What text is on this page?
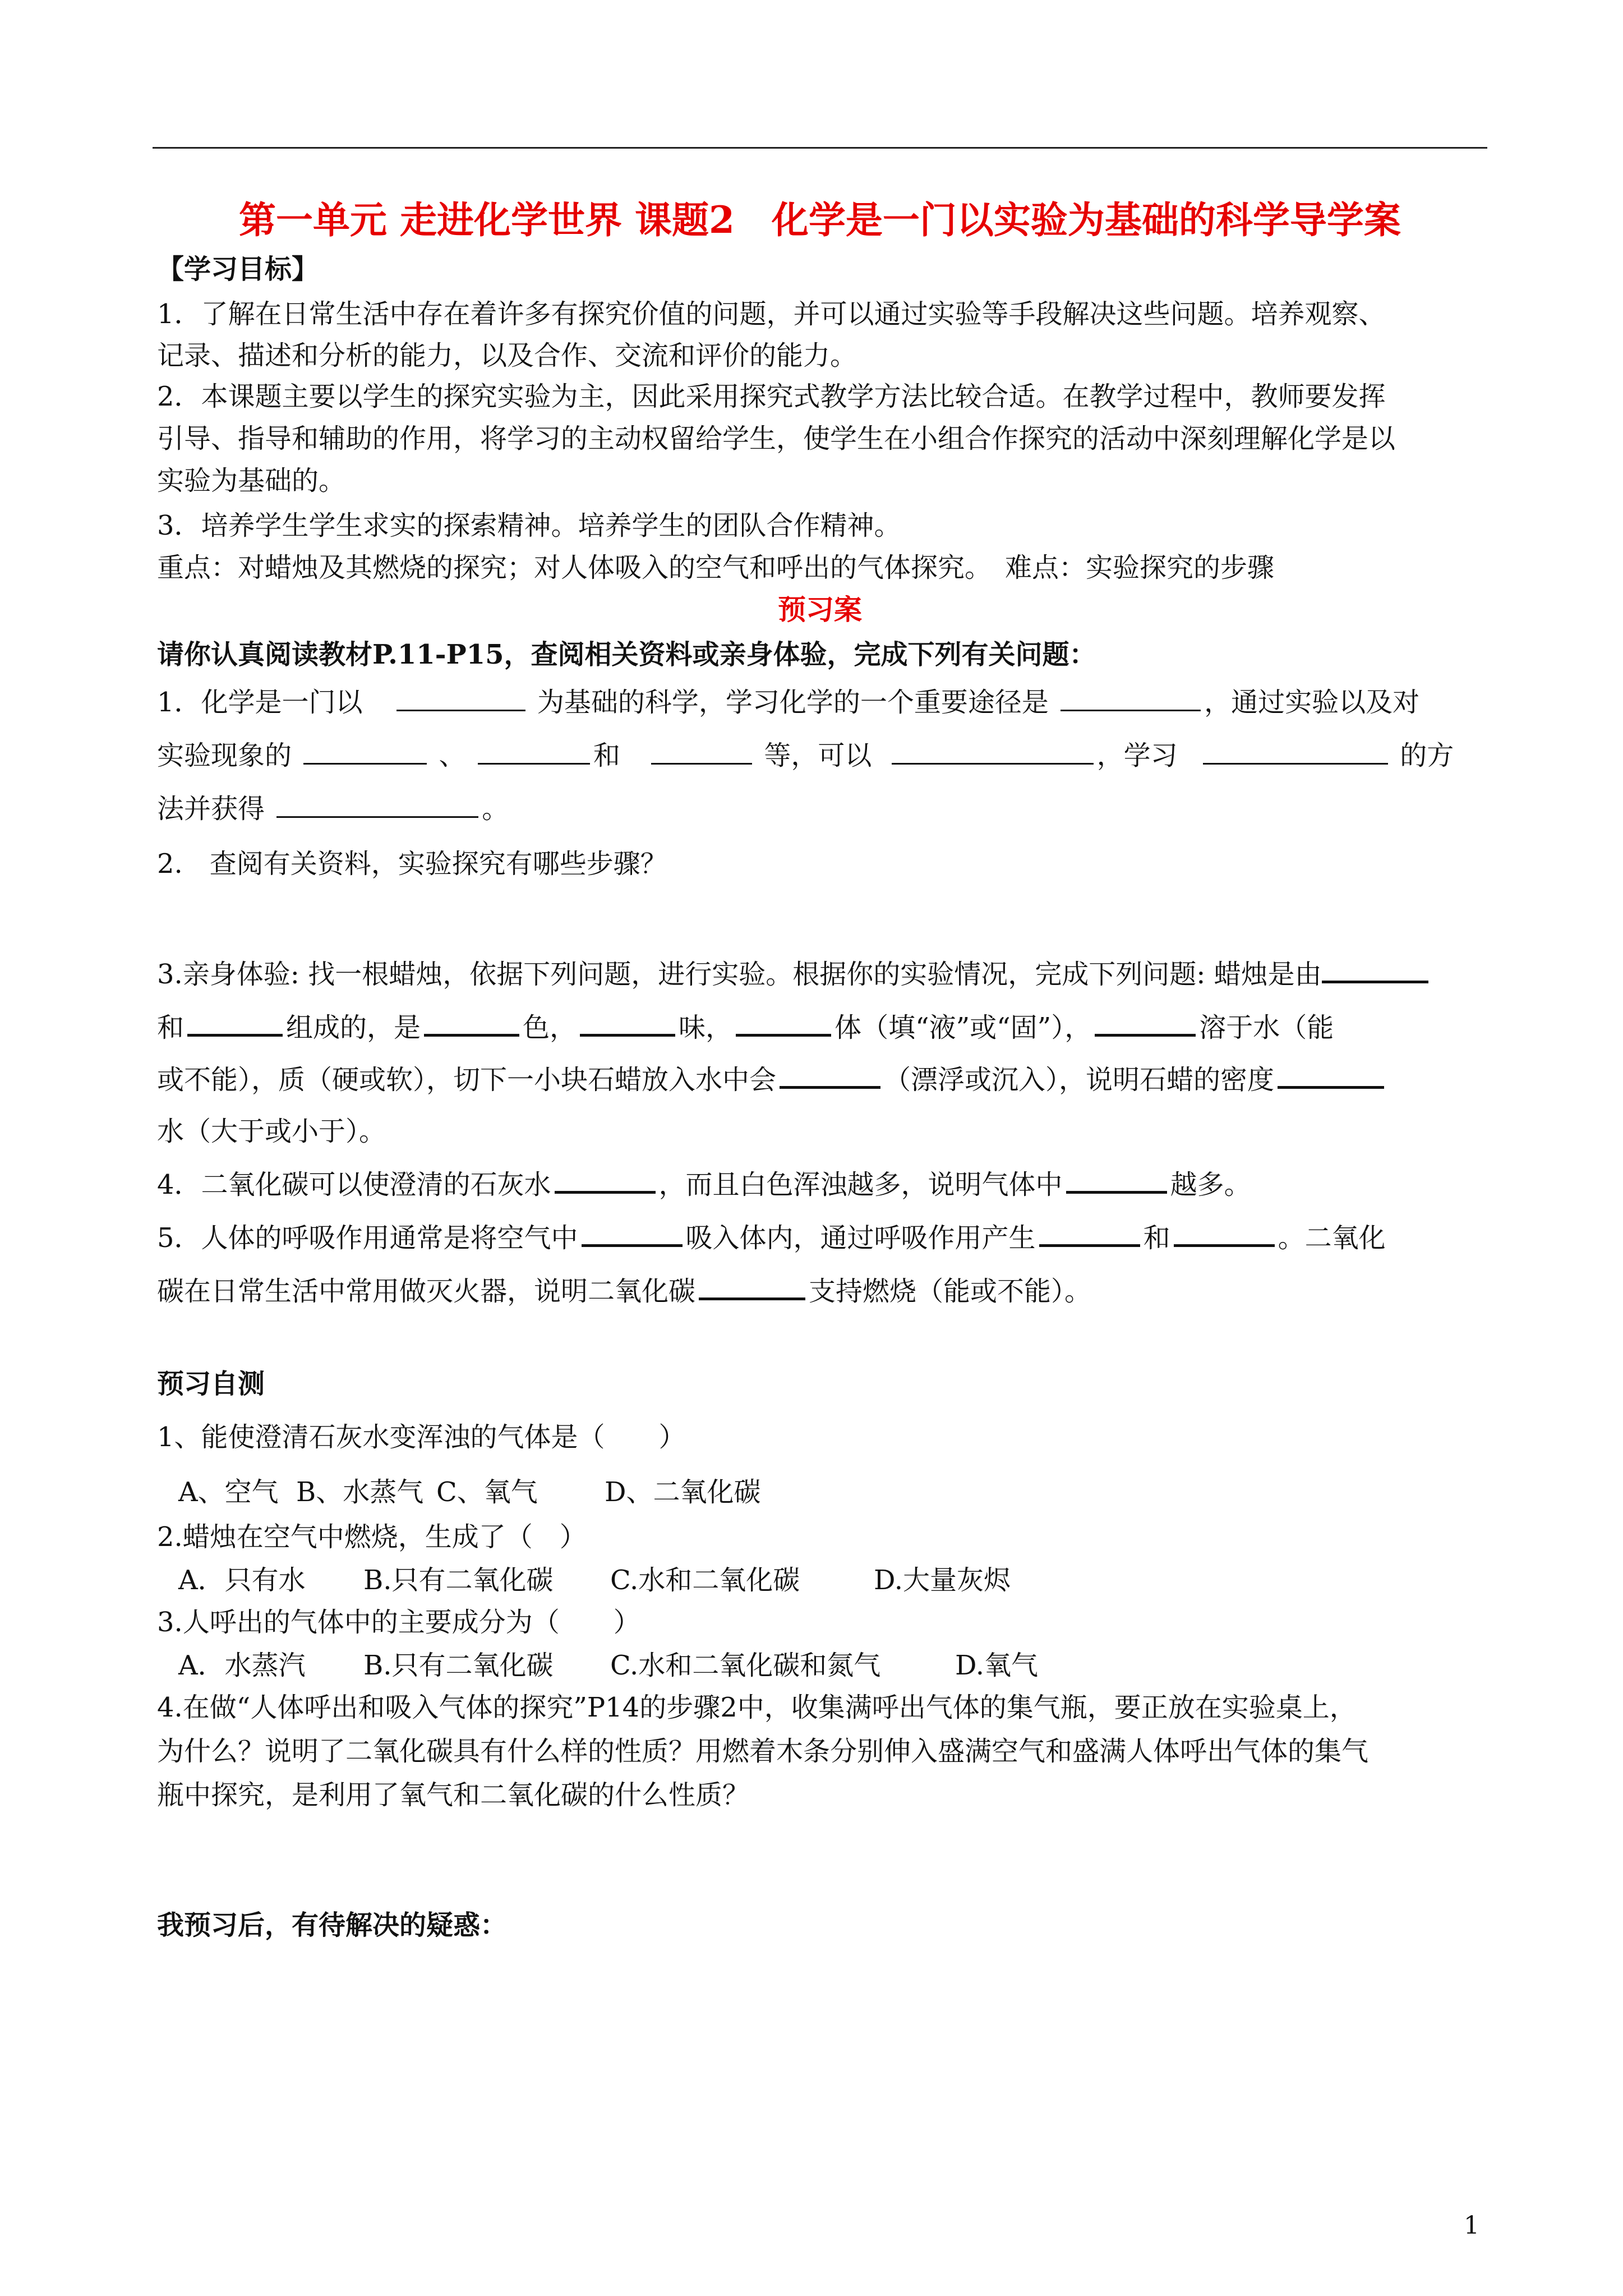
第一单元 走进化学世界 课题2　化学是一门以实验为基础的科学导学案
【学习目标】
1．了解在日常生活中存在着许多有探究价值的问题，并可以通过实验等手段解决这些问题。培养观察、
记录、描述和分析的能力，以及合作、交流和评价的能力。
2．本课题主要以学生的探究实验为主，因此采用探究式教学方法比较合适。在教学过程中，教师要发挥
引导、指导和辅助的作用，将学习的主动权留给学生，使学生在小组合作探究的活动中深刻理解化学是以
实验为基础的。
3．培养学生学生求实的探索精神。培养学生的团队合作精神。
重点：对蜡烛及其燃烧的探究；对人体吸入的空气和呼出的气体探究。　难点：实验探究的步骤
预习案
请你认真阅读教材P.11-P15，查阅相关资料或亲身体验，完成下列有关问题：
1．化学是一门以	为基础的科学，学习化学的一个重要途径是	，通过实验以及对
实验现象的	、	和	等，可以	，学习	的方
法并获得	。
2.　查阅有关资料，实验探究有哪些步骤？
3.亲身体验: 找一根蜡烛，依据下列问题，进行实验。根据你的实验情况，完成下列问题: 蜡烛是由
和	组成的，是	色，	味，	体（填“液”或“固”），	溶于水（能
或不能），质（硬或软），切下一小块石蜡放入水中会	（漂浮或沉入），说明石蜡的密度
水（大于或小于）。
4．二氧化碳可以使澄清的石灰水	，而且白色浑浊越多，说明气体中	越多。
5．人体的呼吸作用通常是将空气中	吸入体内，通过呼吸作用产生	和	。二氧化
碳在日常生活中常用做灭火器，说明二氧化碳	支持燃烧（能或不能）。
预习自测
1、能使澄清石灰水变浑浊的气体是（　　）
A、空气 B、水蒸气 C、氧气 D、二氧化碳
2.蜡烛在空气中燃烧，生成了（　）
A．只有水 B.只有二氧化碳 C.水和二氧化碳	D.大量灰烬
3.人呼出的气体中的主要成分为（　　）
A．水蒸汽 B.只有二氧化碳 C.水和二氧化碳和氮气	D.氧气
4.在做“人体呼出和吸入气体的探究”P14的步骤2中，收集满呼出气体的集气瓶，要正放在实验桌上，
为什么？说明了二氧化碳具有什么样的性质？用燃着木条分别伸入盛满空气和盛满人体呼出气体的集气
瓶中探究，是利用了氧气和二氧化碳的什么性质？
我预习后，有待解决的疑惑：
1
